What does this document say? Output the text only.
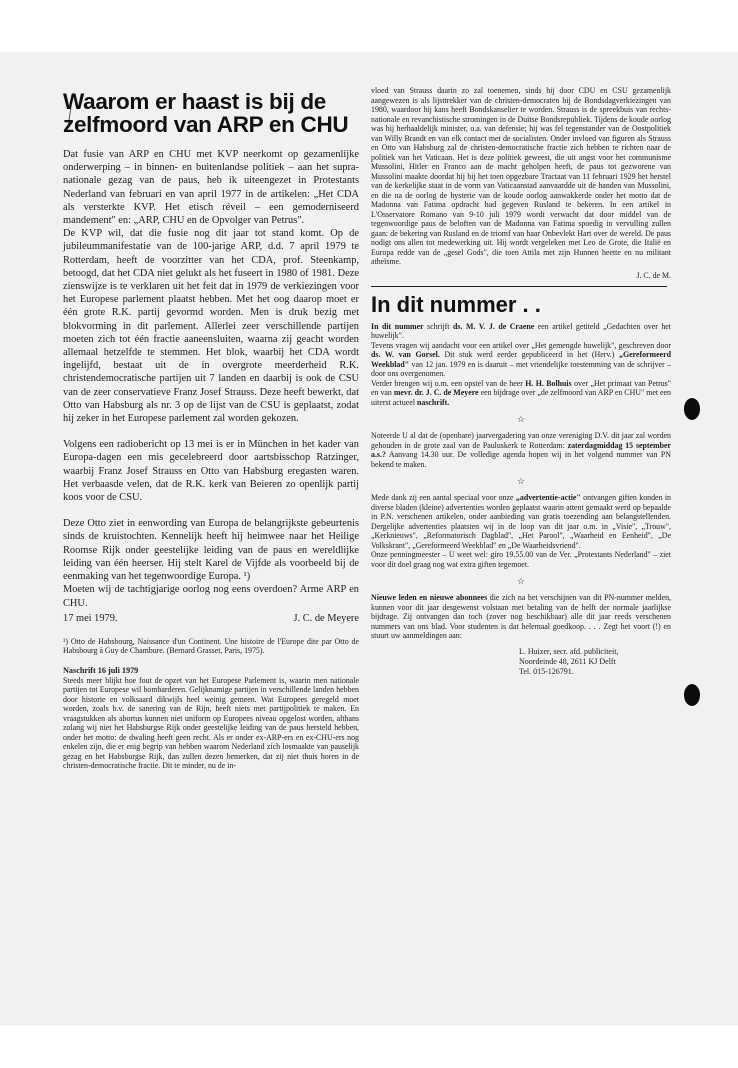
Waarom er haast is bij de zelfmoord van ARP en CHU

Dat fusie van ARP en CHU met KVP neerkomt op gezamenlijke onderwerping – in binnen- en buitenlandse politiek – aan het supra-nationale gezag van de paus, heb ik uiteengezet in Protestants Nederland van februari en van april 1977 in de artikelen: „Het CDA als versterkte KVP. Het etisch réveil – een gemoderniseerd mandement" en: „ARP, CHU en de Opvolger van Petrus".

De KVP wil, dat die fusie nog dit jaar tot stand komt. Op de jubileummanifestatie van de 100-jarige ARP, d.d. 7 april 1979 te Rotterdam, heeft de voorzitter van het CDA, prof. Steenkamp, betoogd, dat het CDA niet gelukt als het fuseert in 1980 of 1981. Deze zienswijze is te verklaren uit het feit dat in 1979 de verkiezingen voor het Europese parlement plaatst hebben. Met het oog daarop moet er één grote R.K. partij gevormd worden. Men is druk bezig met blokvorming in dit parlement. Allerlei zeer verschillende partijen moeten zich tot één fractie aaneensluiten, waarna zij geacht worden allemaal hetzelfde te stemmen. Het blok, waarbij het CDA wordt ingelijfd, bestaat uit de in overgrote meerderheid R.K. christendemocratische partijen uit 7 landen en daarbij is ook de CSU van de zeer conservatieve Franz Josef Strauss. Deze heeft bewerkt, dat Otto van Habsburg als nr. 3 op de lijst van de CSU is geplaatst, zodat hij zeker in het Europese parlement zal worden gekozen.

Volgens een radiobericht op 13 mei is er in München in het kader van Europa-dagen een mis gecelebreerd door aartsbisschop Ratzinger, waarbij Franz Josef Strauss en Otto van Habsburg eregasten waren. Het verbaasde velen, dat de R.K. kerk van Beieren zo openlijk partij koos voor de CSU.

Deze Otto ziet in eenwording van Europa de belangrijkste gebeurtenis sinds de kruistochten. Kennelijk heeft hij heimwee naar het Heilige Roomse Rijk onder geestelijke leiding van de paus en wereldlijke leiding van één heerser. Hij stelt Karel de Vijfde als voorbeeld bij de eenmaking van het tegenwoordige Europa. ¹)

Moeten wij de tachtigjarige oorlog nog eens overdoen? Arme ARP en CHU.

17 mei 1979.	J. C. de Meyere
¹) Otto de Habsbourg, Naissance d'un Continent. Une histoire de l'Europe dite par Otto de Habsbourg à Guy de Chambure. (Bernard Grasset, Paris, 1975).
Naschrift 16 juli 1979

Steeds meer blijkt hoe fout de opzet van het Europese Parlement is, waarin men nationale partijen tot Europese wil bombarderen. Gelijknamige partijen in verschillende landen hebben door historie en volksaard dikwijls heel weinig gemeen. Wat Europees geregeld moet worden, zoals b.v. de sanering van de Rijn, heeft niets met partijpolitiek te maken. En vraagstukken als abortus kunnen niet uniform op Europees niveau opgelost worden, althans zolang wij niet het Habsburgse Rijk onder geestelijke leiding van de paus hersteld hebben, onder het motto: de dwaling heeft geen recht. Als er onder ex-ARP-ers en ex-CHU-ers nog enkelen zijn, die er enig begrip van hebben waarom Nederland zich losmaakte van pauselijk gezag en het Habsburgse Rijk, dan zullen dezen bemerken, dat zij niet thuis horen in de christen-democratische fractie. Dit te minder, nu de in-

vloed van Strauss daarin zo zal toenemen, sinds hij door CDU en CSU gezamenlijk aangewezen is als lijsttrekker van de christen-democraten bij de Bondsdagverkiezingen van 1980, waardoor hij kans heeft Bondskanselier te worden. Strauss is de spreekbuis van rechts-nationale en revanchistische stromingen in de Duitse Bondsrepubliek. Tijdens de koude oorlog was hij herhaaldelijk minister, o.a. van defensie; hij was fel tegenstander van de Oostpolitiek van Willy Brandt en van elk contact met de socialisten. Onder invloed van figuren als Strauss en Otto van Habsburg zal de christen-democratische fractie zich hebben te richten naar de politiek van het Vaticaan. Het is deze politiek geweest, die uit angst voor het communisme Mussolini, Hitler en Franco aan de macht geholpen heeft, de paus tot gezworene van Mussolini maakte doordat hij bij het toen opgezbare Tractaat van 11 februari 1929 het herstel van de kerkelijke staat in de vorm van Vaticaanstad aanvaardde uit de handen van Mussolini, en die na de oorlog de hysterie van de koude oorlog aanwakkerde onder het motto dat de Madonna van Fatima opdracht had gegeven Rusland te bekeren. In een artikel in L'Osservatore Romano van 9-10 juli 1979 wordt verwacht dat door middel van de tegenwoordige paus de beloften van de Madonna van Fatima spoedig in vervulling zullen gaan: de bekering van Rusland en de triomf van haar Onbevlekt Hart over de wereld. De paus nodigt ons allen tot medewerking uit. Hij wordt vergeleken met Leo de Grote, die Italië en Europa redde van de „gesel Gods", die toen Attila met zijn Hunnen heette en nu militant atheïsme.

J. C. de M.
In dit nummer . .

In dit nummer schrijft ds. M. V. J. de Craene een artikel getiteld „Gedachten over het huwelijk".

Tevens vragen wij aandacht voor een artikel over „Het gemengde huwelijk", geschreven door ds. W. van Gorsel. Dit stuk werd eerder gepubliceerd in het (Herv.) „Gereformeerd Weekblad" van 12 jan. 1979 en is daaruit – met vriendelijke toestemming van de schrijver – door ons overgenomen.

Verder brengen wij o.m. een opstel van de heer H. H. Bolhuis over „Het primaat van Petrus" en van mevr. dr. J. C. de Meyere een bijdrage over „de zelfmoord van ARP en CHU" met een uiterst actueel naschrift.

☆

Noteerde U al dat de (openbare) jaarvergadering van onze vereniging D.V. dit jaar zal worden gehouden in de grote zaal van de Pauluskerk te Rotterdam: zaterdagmiddag 15 september a.s.? Aanvang 14.30 uur. De volledige agenda hopen wij in het volgend nummer van PN bekend te maken.

☆

Mede dank zij een aantal speciaal voor onze „advertentie-actie" ontvangen giften konden in diverse bladen (kleine) advertenties worden geplaatst waarin attent gemaakt werd op bepaalde in P.N. verschenen artikelen, onder aanbieding van gratis toezending aan belangstellenden. Dergelijke advertenties plaatsten wij in de loop van dit jaar o.m. in „Visie", „Trouw", „Kerknieuws", „Reformatorisch Dagblad", „Het Parool", „Waarheid en Eenheid", „De Volkskrant", „Gereformeerd Weekblad" en „De Waarheidsvriend".

Onze penningmeester – U weet wel: giro 19.55.00 van de Ver. „Protestants Nederland" – ziet voor dit doel graag nog wat extra giften tegemoet.

☆

Nieuwe leden en nieuwe abonnees die zich na het verschijnen van dit PN-nummer melden, kunnen voor dit jaar desgewenst volstaan met betaling van de helft der normale jaarlijkse bijdrage. Zij ontvangen dan toch (zover nog beschikbaar) alle dit jaar reeds verschenen nummers van ons blad. Voor studenten is dat helemaal goedkoop. . . . Zegt het voort (!) en stuurt uw aanmeldingen aan:

L. Huizer, secr. afd. publiciteit,
Noordeinde 48, 2611 KJ Delft
Tel. 015-126791.
